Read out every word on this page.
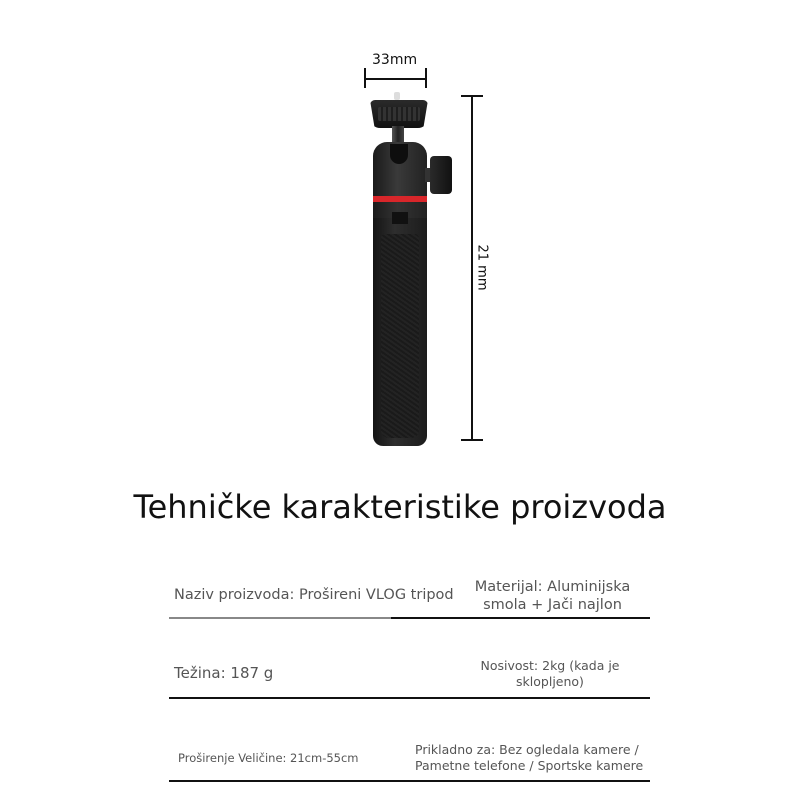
33mm
21 mm
Tehničke karakteristike proizvoda
Naziv proizvoda: Prošireni VLOG tripod	Materijal: Aluminijska
smola + Jači najlon
Težina: 187 g	Nosivost: 2kg (kada je
sklopljeno)
Proširenje Veličine: 21cm-55cm
Prikladno za: Bez ogledala kamere /
Pametne telefone / Sportske kamere
